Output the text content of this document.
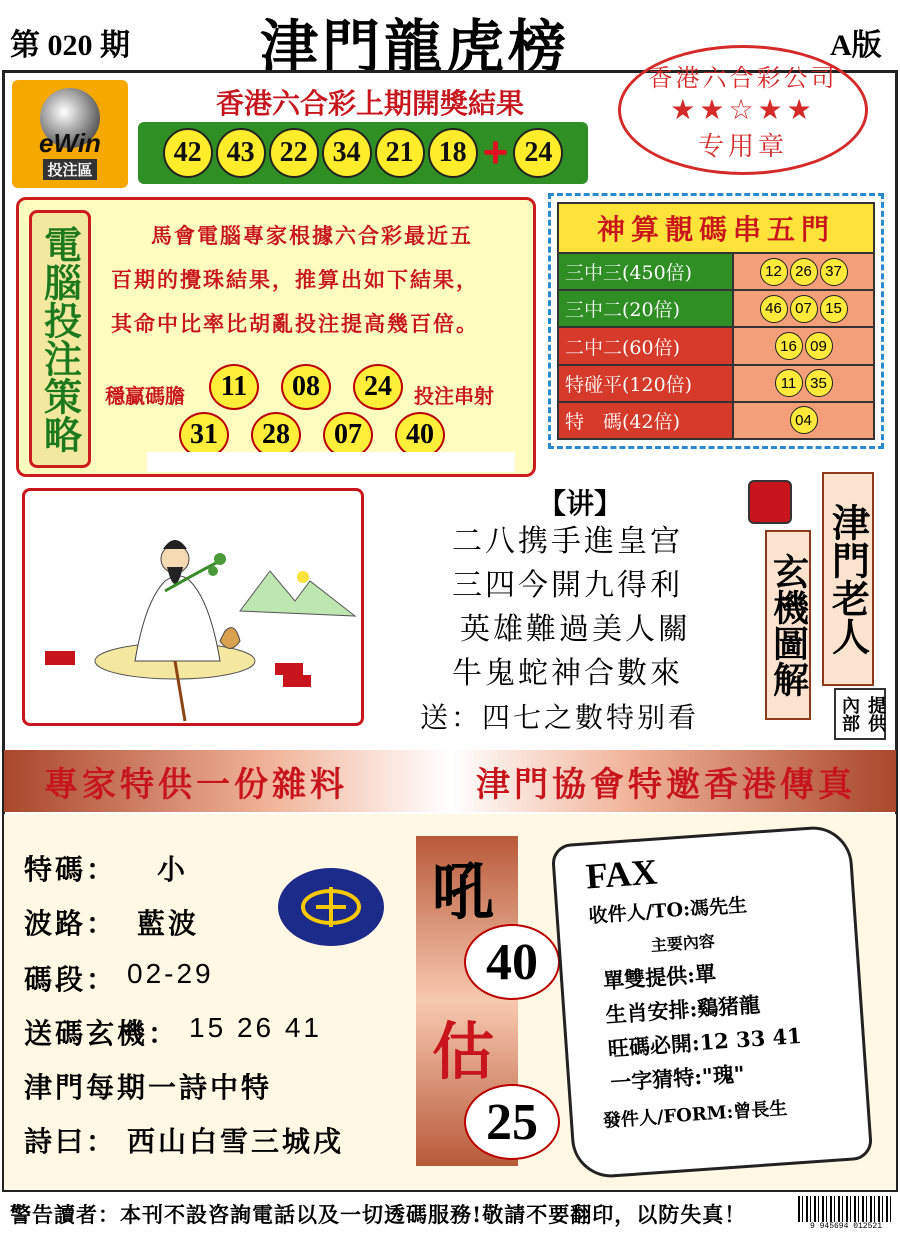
第 020 期 津門龍虎榜	A版
eWin
投注區
香港六合彩上期開獎結果
42 43 22 34 21 18 + 24
香港六合彩公司
★★☆★★
专用章
電腦投注策略	馬會電腦專家根據六合彩最近五
百期的攪珠結果，推算出如下結果，
其命中比率比胡亂投注提高幾百倍。
穩贏碼膽	投注串射
11	08	24
31	28	07	40
神算靚碼串五門
三中三(450倍)	12 26 37
三中二(20倍)	46 07 15
二中二(60倍)	16 09
特碰平(120倍)	11 35
特　碼(42倍)	04
【讲】
二八携手進皇宫
三四今開九得利
英雄難過美人關
牛鬼蛇神合數來
送：四七之數特别看
玄機圖解 津門老人
內部 提供
專家特供一份雜料	津門協會特邀香港傳真
特碼： 小
波路： 藍波
碼段： 02-29
送碼玄機： 15 26 41
津門每期一詩中特
詩曰： 西山白雪三城戌
吼
40
估
25
FAX
收件人/TO:馮先生
主要內容
單雙提供:單
生肖安排:鷄猪龍
旺碼必開:12 33 41
一字猜特:"瑰"
發件人/FORM:曾長生
警告讀者：本刊不設咨詢電話以及一切透碼服務!敬請不要翻印，以防失真！	9 945694 012521
